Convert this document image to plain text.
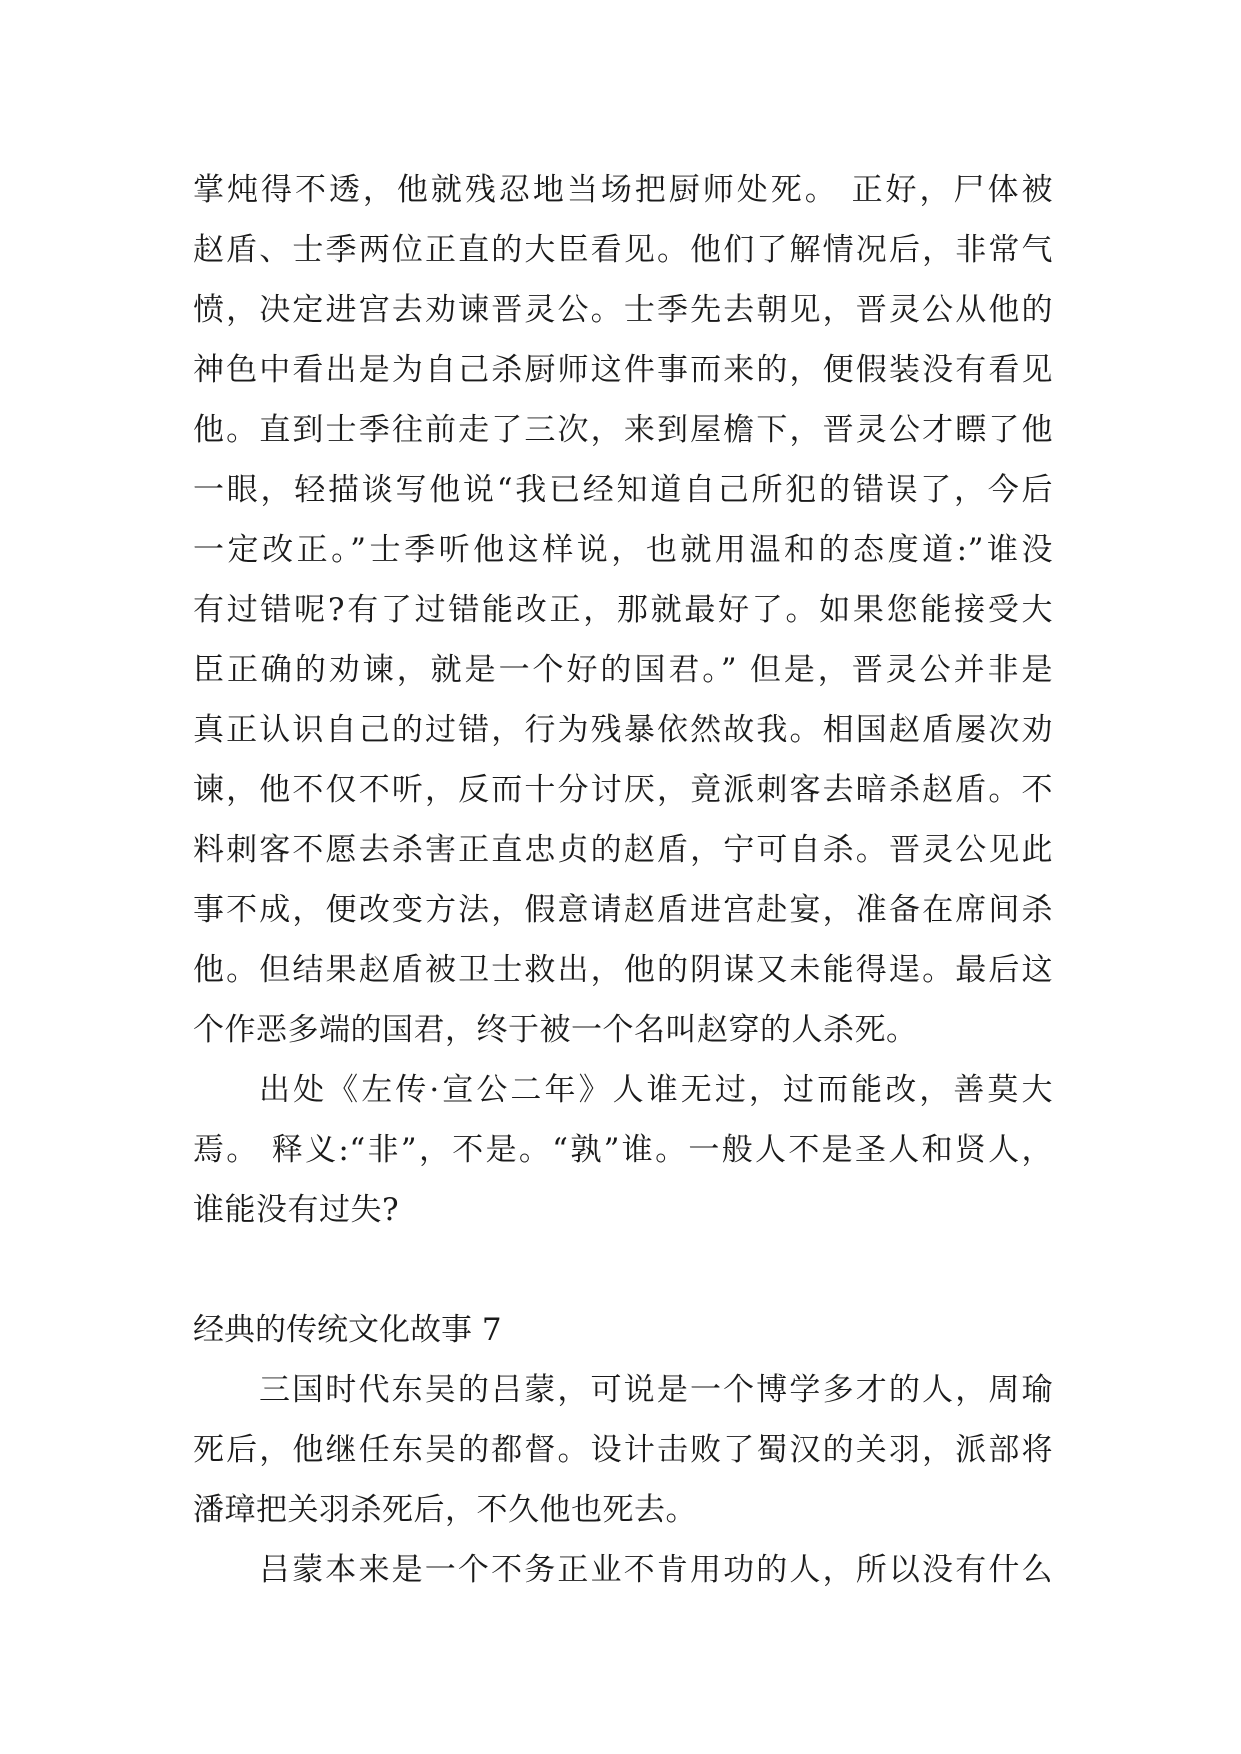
掌炖得不透，他就残忍地当场把厨师处死。 正好，尸体被
赵盾、士季两位正直的大臣看见。他们了解情况后，非常气
愤，决定进宫去劝谏晋灵公。士季先去朝见，晋灵公从他的
神色中看出是为自己杀厨师这件事而来的，便假装没有看见
他。直到士季往前走了三次，来到屋檐下，晋灵公才瞟了他
一眼，轻描谈写他说“我已经知道自己所犯的错误了，今后
一定改正。”士季听他这样说，也就用温和的态度道:”谁没
有过错呢?有了过错能改正，那就最好了。如果您能接受大
臣正确的劝谏，就是一个好的国君。” 但是，晋灵公并非是
真正认识自己的过错，行为残暴依然故我。相国赵盾屡次劝
谏，他不仅不听，反而十分讨厌，竟派刺客去暗杀赵盾。不
料刺客不愿去杀害正直忠贞的赵盾，宁可自杀。晋灵公见此
事不成，便改变方法，假意请赵盾进宫赴宴，准备在席间杀
他。但结果赵盾被卫士救出，他的阴谋又未能得逞。最后这
个作恶多端的国君，终于被一个名叫赵穿的人杀死。

出处《左传·宣公二年》人谁无过，过而能改，善莫大
焉。 释义:“非”，不是。“孰”谁。一般人不是圣人和贤人，
谁能没有过失?

经典的传统文化故事 7

三国时代东吴的吕蒙，可说是一个博学多才的人，周瑜
死后，他继任东吴的都督。设计击败了蜀汉的关羽，派部将
潘璋把关羽杀死后，不久他也死去。

吕蒙本来是一个不务正业不肯用功的人，所以没有什么
